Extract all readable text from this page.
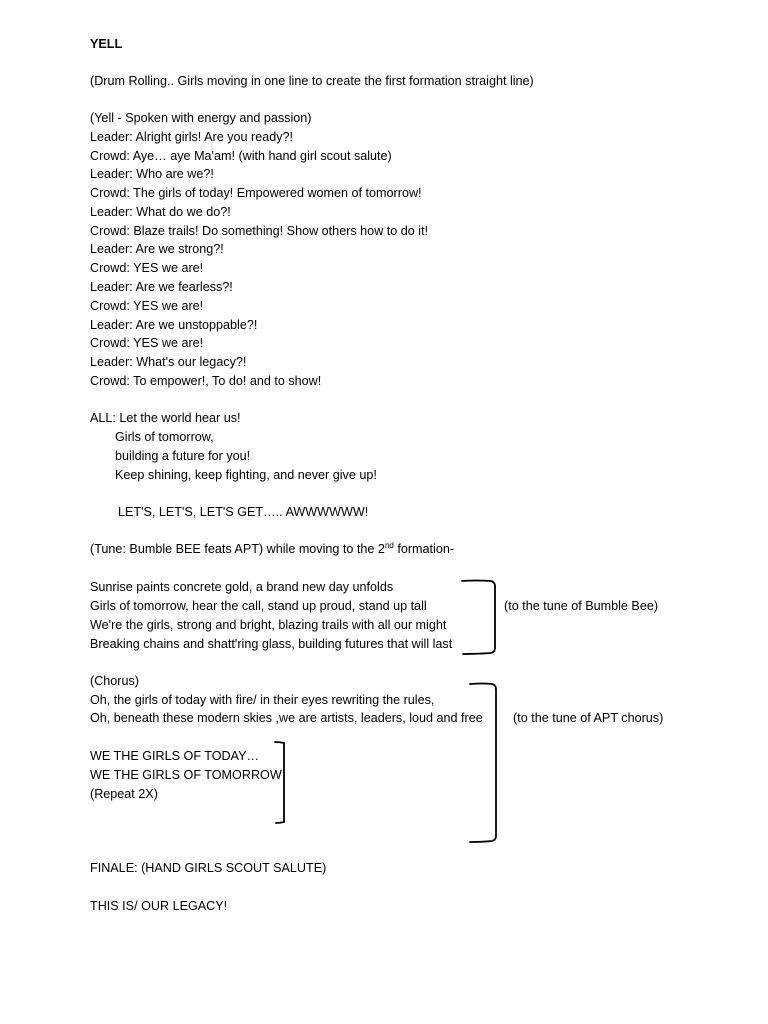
YELL
(Drum Rolling.. Girls moving in one line to create the first formation straight line)
(Yell - Spoken with energy and passion)
Leader: Alright girls! Are you ready?!
Crowd: Aye… aye Ma'am! (with hand girl scout salute)
Leader: Who are we?!
Crowd: The girls of today! Empowered women of tomorrow!
Leader: What do we do?!
Crowd: Blaze trails! Do something! Show others how to do it!
Leader: Are we strong?!
Crowd: YES we are!
Leader: Are we fearless?!
Crowd: YES we are!
Leader: Are we unstoppable?!
Crowd: YES we are!
Leader: What's our legacy?!
Crowd: To empower!, To do! and to show!
ALL: Let the world hear us!
Girls of tomorrow,
building a future for you!
Keep shining, keep fighting, and never give up!
LET'S, LET'S, LET'S GET….. AWWWWWW!
(Tune: Bumble BEE feats APT) while moving to the 2nd formation-
Sunrise paints concrete gold, a brand new day unfolds
Girls of tomorrow, hear the call, stand up proud, stand up tall
We're the girls, strong and bright, blazing trails with all our might
Breaking chains and shatt'ring glass, building futures that will last
(to the tune of Bumble Bee)
(Chorus)
Oh, the girls of today with fire/ in their eyes rewriting the rules,
Oh, beneath these modern skies ,we are artists, leaders, loud and free (to the tune of APT chorus)
WE THE GIRLS OF TODAY…
WE THE GIRLS OF TOMORROW
(Repeat 2X)
FINALE: (HAND GIRLS SCOUT SALUTE)
THIS IS/ OUR LEGACY!
